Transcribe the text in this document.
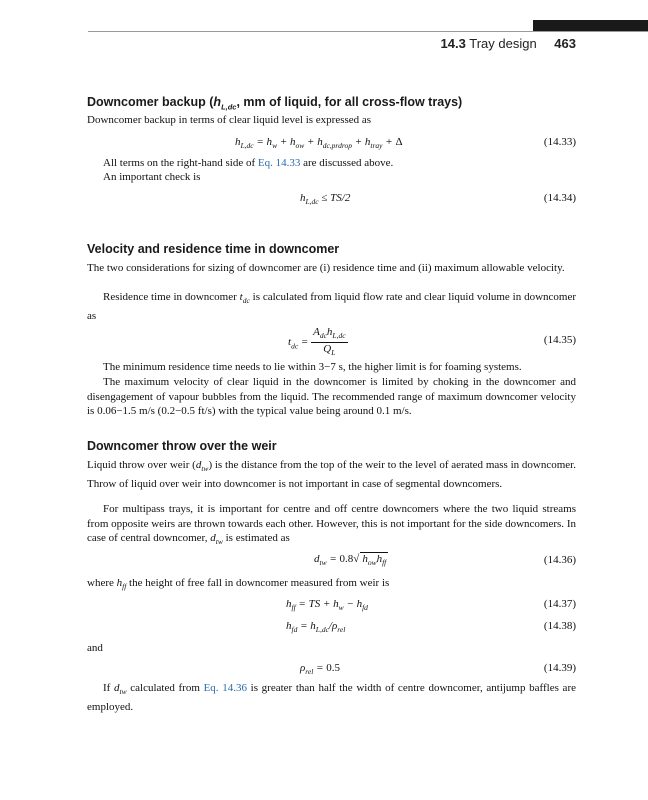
14.3 Tray design 463
Downcomer backup ($h_{L,dc}$, mm of liquid, for all cross-flow trays)
Downcomer backup in terms of clear liquid level is expressed as
$h_{L,dc} = h_w + h_{ow} + h_{dc,prdrop} + h_{tray} + \Delta$	(14.33)
All terms on the right-hand side of Eq. 14.33 are discussed above.
An important check is
$h_{L,dc} \le TS/2$	(14.34)
Velocity and residence time in downcomer
The two considerations for sizing of downcomer are (i) residence time and (ii) maximum allowable velocity.
Residence time in downcomer $t_{dc}$ is calculated from liquid flow rate and clear liquid volume in downcomer as
$t_{dc} = \frac{A_{dc}h_{L,dc}}{Q_L}$	(14.35)
The minimum residence time needs to lie within 3−7 s, the higher limit is for foaming systems.
The maximum velocity of clear liquid in the downcomer is limited by choking in the downcomer and disengagement of vapour bubbles from the liquid. The recommended range of maximum downcomer velocity is 0.06−1.5 m/s (0.2−0.5 ft/s) with the typical value being around 0.1 m/s.
Downcomer throw over the weir
Liquid throw over weir $(d_{tw})$ is the distance from the top of the weir to the level of aerated mass in downcomer. Throw of liquid over weir into downcomer is not important in case of segmental downcomers.
For multipass trays, it is important for centre and off centre downcomers where the two liquid streams from opposite weirs are thrown towards each other. However, this is not important for the side downcomers. In case of central downcomer, $d_{tw}$ is estimated as
$d_{tw} = 0.8√$ $h_{ow}h_{ff}$	(14.36)
where $h_{ff}$ the height of free fall in downcomer measured from weir is
$h_{ff}$ = TS + $h_w - h_{fd}$	(14.37)
$h_{fd} = h_{L,dc}/\rho_{rel}$	(14.38)
and
$\rho_{rel} = 0.5$	(14.39)
If $d_{tw}$ calculated from Eq. 14.36 is greater than half the width of centre downcomer, antijump baffles are employed.
